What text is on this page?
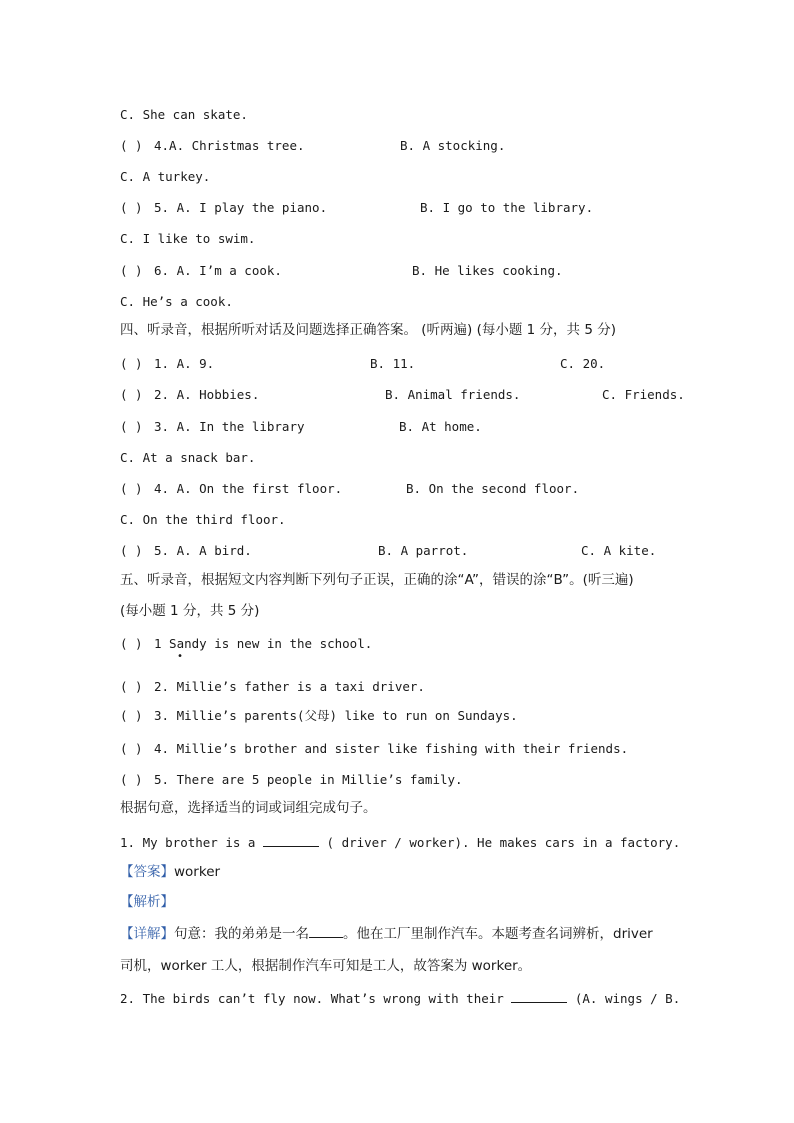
C. She can skate.
( ) 4.A. Christmas tree.	B. A stocking.
C. A turkey.
( ) 5. A. I play the piano.	B. I go to the library.
C. I like to swim.
( ) 6. A. I’m a cook.	B. He likes cooking.
C. He’s a cook.
四、听录音，根据所听对话及问题选择正确答案。 (听两遍) (每小题 1 分，共 5 分)
( ) 1. A. 9.	B. 11.	C. 20.
( ) 2. A. Hobbies.	B. Animal friends.	C. Friends.
( ) 3. A. In the library	B. At home.
C. At a snack bar.
( ) 4. A. On the first floor.	B. On the second floor.
C. On the third floor.
( ) 5. A. A bird.	B. A parrot.	C. A kite.
五、听录音，根据短文内容判断下列句子正误，正确的涂“A”，错误的涂“B”。(听三遍)
(每小题 1 分，共 5 分)
( ) 1 Sandy is new in the school.
•
( ) 2. Millie’s father is a taxi driver.
( ) 3. Millie’s parents(父母) like to run on Sundays.
( ) 4. Millie’s brother and sister like fishing with their friends.
( ) 5. There are 5 people in Millie’s family.
根据句意，选择适当的词或词组完成句子。
1. My brother is a	( driver / worker). He makes cars in a factory.
【答案】worker
【解析】
【详解】句意：我的弟弟是一名	。他在工厂里制作汽车。本题考查名词辨析，driver
司机，worker 工人，根据制作汽车可知是工人，故答案为 worker。
2. The birds can’t fly now. What’s wrong with their	(A. wings / B.
